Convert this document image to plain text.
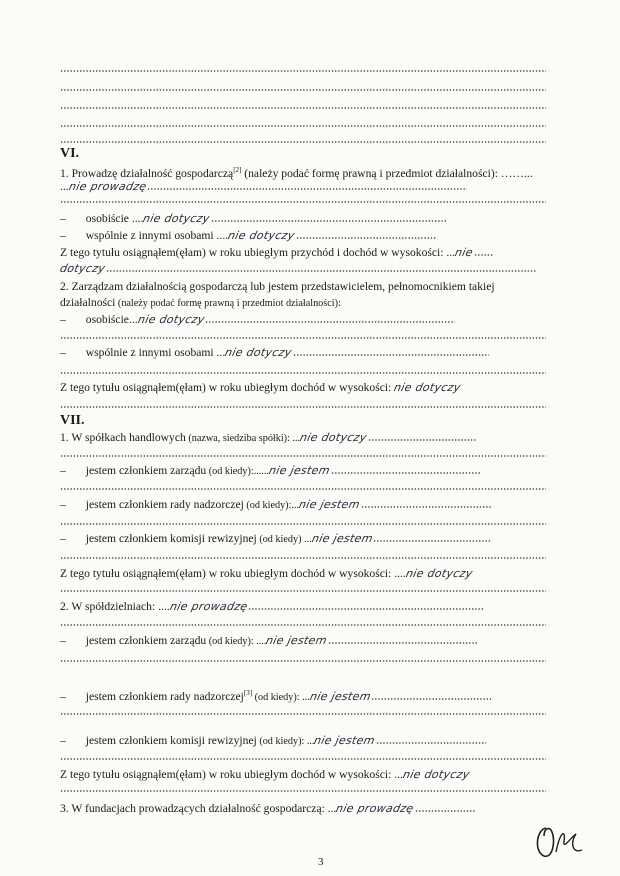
VI.
1. Prowadzę działalność gospodarczą[2] (należy podać formę prawną i przedmiot działalności): ……...
...nie prowadzę
– osobiście ....nie dotyczy
– wspólnie z innymi osobami ....nie dotyczy
Z tego tytułu osiągnąłem(ęłam) w roku ubiegłym przychód i dochód w wysokości: ...nie
dotyczy
2. Zarządzam działalnością gospodarczą lub jestem przedstawicielem, pełnomocnikiem takiej
działalności (należy podać formę prawną i przedmiot działalności):
– osobiście...nie dotyczy
– wspólnie z innymi osobami ...nie dotyczy
Z tego tytułu osiągnąłem(ęłam) w roku ubiegłym dochód w wysokości: nie dotyczy
VII.
1. W spółkach handlowych (nazwa, siedziba spółki): ...nie dotyczy
– jestem członkiem zarządu (od kiedy):......nie jestem
– jestem członkiem rady nadzorczej (od kiedy):...nie jestem
– jestem członkiem komisji rewizyjnej (od kiedy) ...nie jestem
Z tego tytułu osiągnąłem(ęłam) w roku ubiegłym dochód w wysokości: ....nie dotyczy
2. W spółdzielniach: ....nie prowadzę
– jestem członkiem zarządu (od kiedy): ....nie jestem
– jestem członkiem rady nadzorczej[3] (od kiedy): ...nie jestem
– jestem członkiem komisji rewizyjnej (od kiedy): ...nie jestem
Z tego tytułu osiągnąłem(ęłam) w roku ubiegłym dochód w wysokości: ...nie dotyczy
3. W fundacjach prowadzących działalność gospodarczą: ...nie prowadzę
3
